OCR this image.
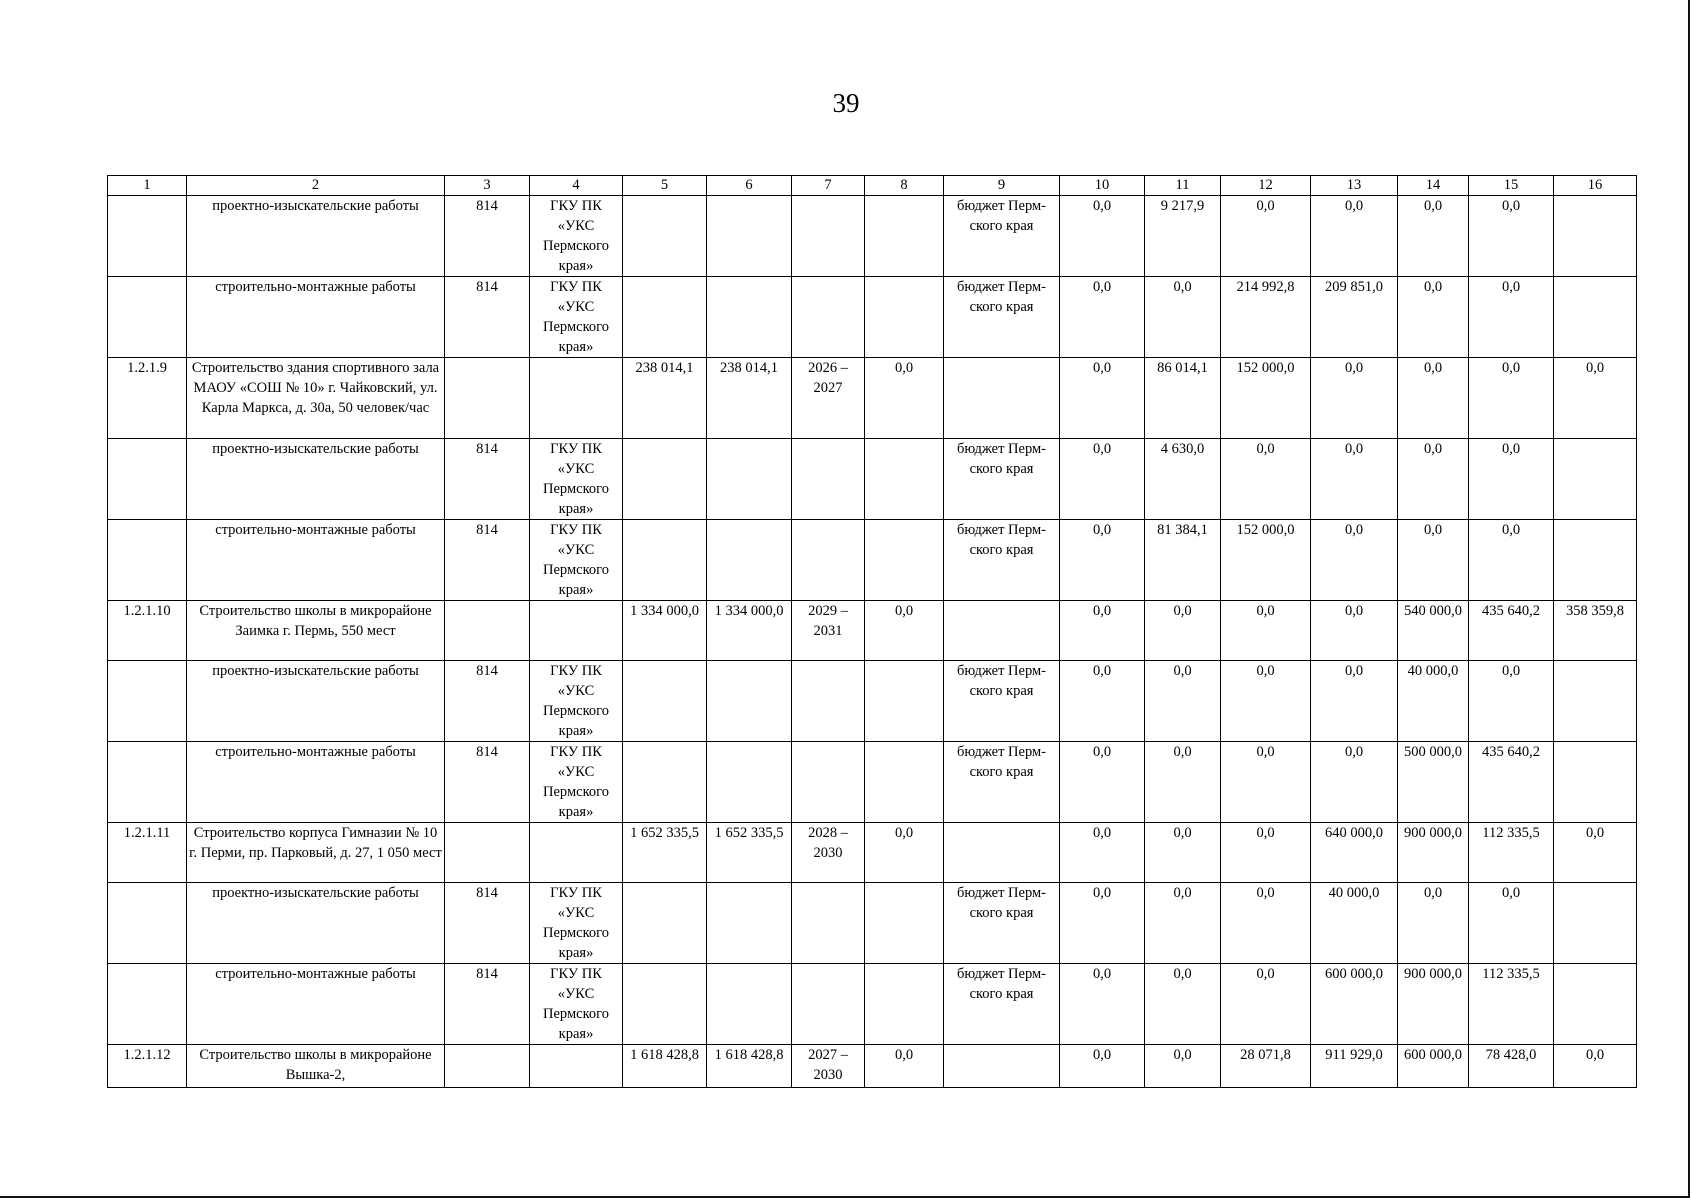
39
1	2	3	4	5	6	7	8	9	10	11	12	13	14	15	16
	проектно-изыскательские работы	814	ГКУ ПК «УКС Пермского края»					бюджет Перм-ского края	0,0	9 217,9	0,0	0,0	0,0	0,0	
	строительно-монтажные работы	814	ГКУ ПК «УКС Пермского края»					бюджет Перм-ского края	0,0	0,0	214 992,8	209 851,0	0,0	0,0	
1.2.1.9	Строительство здания спортивного зала МАОУ «СОШ № 10» г. Чайковский, ул. Карла Маркса, д. 30а, 50 человек/час			238 014,1	238 014,1	2026 – 2027	0,0		0,0	86 014,1	152 000,0	0,0	0,0	0,0	0,0
	проектно-изыскательские работы	814	ГКУ ПК «УКС Пермского края»					бюджет Перм-ского края	0,0	4 630,0	0,0	0,0	0,0	0,0	
	строительно-монтажные работы	814	ГКУ ПК «УКС Пермского края»					бюджет Перм-ского края	0,0	81 384,1	152 000,0	0,0	0,0	0,0	
1.2.1.10	Строительство школы в микрорайоне Заимка г. Пермь, 550 мест			1 334 000,0	1 334 000,0	2029 – 2031	0,0		0,0	0,0	0,0	0,0	540 000,0	435 640,2	358 359,8
	проектно-изыскательские работы	814	ГКУ ПК «УКС Пермского края»					бюджет Перм-ского края	0,0	0,0	0,0	0,0	40 000,0	0,0	
	строительно-монтажные работы	814	ГКУ ПК «УКС Пермского края»					бюджет Перм-ского края	0,0	0,0	0,0	0,0	500 000,0	435 640,2	
1.2.1.11	Строительство корпуса Гимназии № 10 г. Перми, пр. Парковый, д. 27, 1 050 мест			1 652 335,5	1 652 335,5	2028 – 2030	0,0		0,0	0,0	0,0	640 000,0	900 000,0	112 335,5	0,0
	проектно-изыскательские работы	814	ГКУ ПК «УКС Пермского края»					бюджет Перм-ского края	0,0	0,0	0,0	40 000,0	0,0	0,0	
	строительно-монтажные работы	814	ГКУ ПК «УКС Пермского края»					бюджет Перм-ского края	0,0	0,0	0,0	600 000,0	900 000,0	112 335,5	
1.2.1.12	Строительство школы в микрорайоне Вышка-2,			1 618 428,8	1 618 428,8	2027 – 2030	0,0		0,0	0,0	28 071,8	911 929,0	600 000,0	78 428,0	0,0
